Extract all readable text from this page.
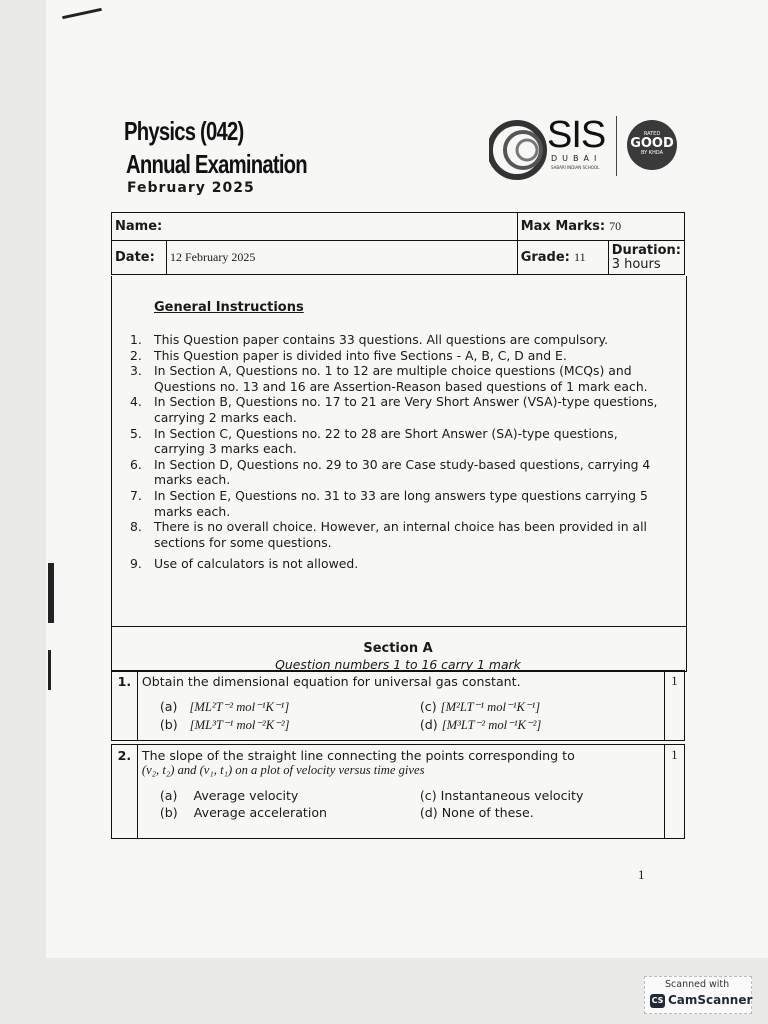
Physics (042)
Annual Examination
February 2025
SIS
DUBAI
SABARI INDIAN SCHOOL
RATED
GOOD
BY KHDA
Name:		Max Marks: 70	
Date:	12 February 2025	Grade: 11	Duration:
3 hours
General Instructions
1. This Question paper contains 33 questions. All questions are compulsory.
2. This Question paper is divided into five Sections - A, B, C, D and E.
3. In Section A, Questions no. 1 to 12 are multiple choice questions (MCQs) and Questions no. 13 and 16 are Assertion-Reason based questions of 1 mark each.
4. In Section B, Questions no. 17 to 21 are Very Short Answer (VSA)-type questions, carrying 2 marks each.
5. In Section C, Questions no. 22 to 28 are Short Answer (SA)-type questions, carrying 3 marks each.
6. In Section D, Questions no. 29 to 30 are Case study-based questions, carrying 4 marks each.
7. In Section E, Questions no. 31 to 33 are long answers type questions carrying 5 marks each.
8. There is no overall choice. However, an internal choice has been provided in all sections for some questions.
9. Use of calculators is not allowed.
Section A
Question numbers 1 to 16 carry 1 mark
1.	Obtain the dimensional equation for universal gas constant.
(a) [ML²T⁻² mol⁻¹K⁻¹]	(c) [M²LT⁻¹ mol⁻¹K⁻¹]
(b) [ML³T⁻¹ mol⁻²K⁻²]	(d) [M³LT⁻² mol⁻¹K⁻²]
	1
2.	The slope of the straight line connecting the points corresponding to
(v₂, t₂) and (v₁, t₁) on a plot of velocity versus time gives
(a) Average velocity	(c) Instantaneous velocity
(b) Average acceleration	(d) None of these.
	1
1
Scanned with
CS CamScanner
